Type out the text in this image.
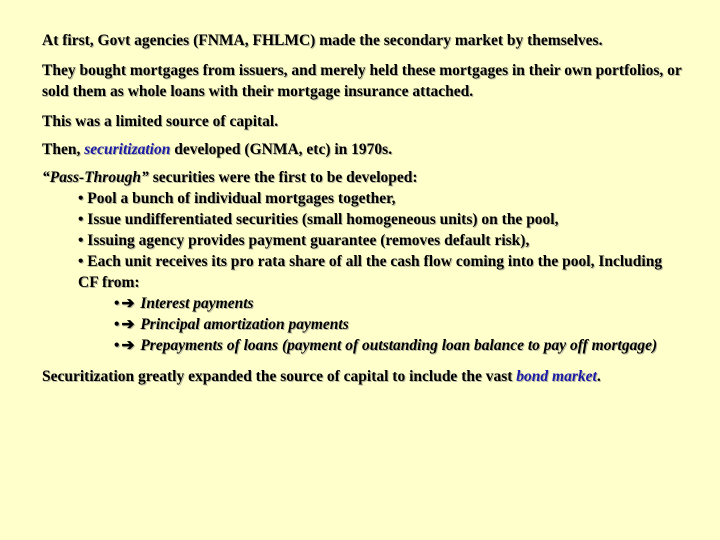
At first, Govt agencies (FNMA, FHLMC) made the secondary market by themselves.
They bought mortgages from issuers, and merely held these mortgages in their own portfolios, or sold them as whole loans with their mortgage insurance attached.
This was a limited source of capital.
Then, securitization developed (GNMA, etc) in 1970s.
“Pass-Through” securities were the first to be developed:
• Pool a bunch of individual mortgages together,
• Issue undifferentiated securities (small homogeneous units) on the pool,
• Issuing agency provides payment guarantee (removes default risk),
• Each unit receives its pro rata share of all the cash flow coming into the pool, Including CF from:
• ➔ Interest payments
• ➔ Principal amortization payments
• ➔ Prepayments of loans (payment of outstanding loan balance to pay off mortgage)
Securitization greatly expanded the source of capital to include the vast bond market.
